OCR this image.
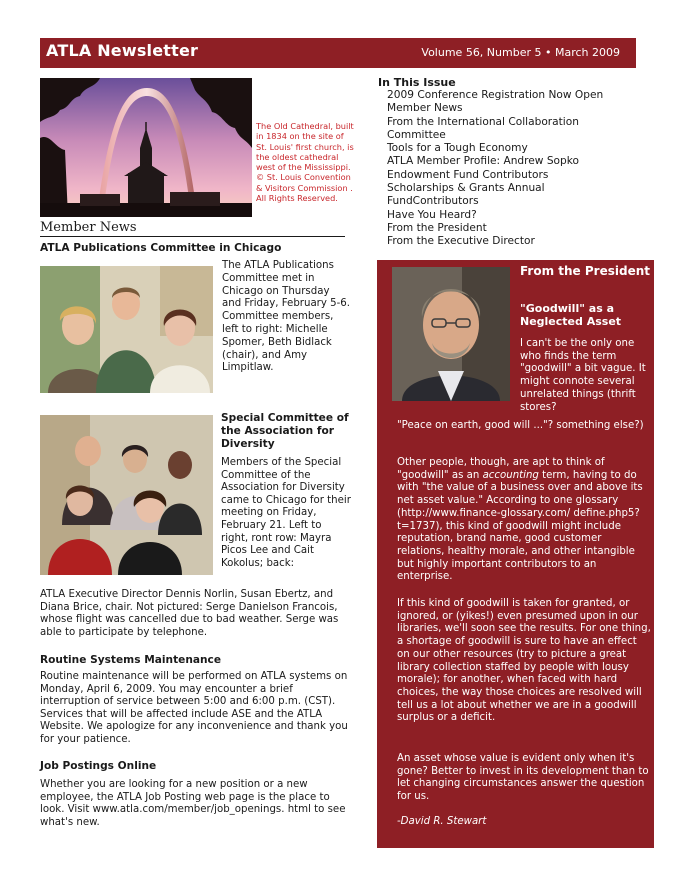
ATLA Newsletter	Volume 56, Number 5 • March 2009
The Old Cathedral, built in 1834 on the site of St. Louis' first church, is the oldest cathedral west of the Mississippi. © St. Louis Convention & Visitors Commission . All Rights Reserved.
In This Issue
2009 Conference Registration Now Open
Member News
From the International Collaboration
Committee
Tools for a Tough Economy
ATLA Member Profile: Andrew Sopko
Endowment Fund Contributors
Scholarships & Grants Annual
FundContributors
Have You Heard?
From the President
From the Executive Director
Member News
ATLA Publications Committee in Chicago
The ATLA Publications Committee met in Chicago on Thursday and Friday, February 5-6. Committee members, left to right: Michelle Spomer, Beth Bidlack (chair), and Amy Limpitlaw.
Special Committee of the Association for Diversity
Members of the Special Committee of the Association for Diversity came to Chicago for their meeting on Friday, February 21. Left to right, ront row: Mayra Picos Lee and Cait Kokolus; back:
ATLA Executive Director Dennis Norlin, Susan Ebertz, and Diana Brice, chair. Not pictured: Serge Danielson Francois, whose flight was cancelled due to bad weather. Serge was able to participate by telephone.
Routine Systems Maintenance
Routine maintenance will be performed on ATLA systems on Monday, April 6, 2009. You may encounter a brief interruption of service between 5:00 and 6:00 p.m. (CST). Services that will be affected include ASE and the ATLA Website. We apologize for any inconvenience and thank you for your patience.
Job Postings Online
Whether you are looking for a new position or a new employee, the ATLA Job Posting web page is the place to look. Visit www.atla.com/member/job_openings. html to see what's new.
From the President
"Goodwill" as a Neglected Asset

I can't be the only one who finds the term "goodwill" a bit vague. It might connote several unrelated things (thrift stores?

"Peace on earth, good will ..."? something else?)

Other people, though, are apt to think of "goodwill" as an accounting term, having to do with "the value of a business over and above its net asset value." According to one glossary (http://www.finance-glossary.com/ define.php5?t=1737), this kind of goodwill might include reputation, brand name, good customer relations, healthy morale, and other intangible but highly important contributors to an enterprise.

If this kind of goodwill is taken for granted, or ignored, or (yikes!) even presumed upon in our libraries, we'll soon see the results. For one thing, a shortage of goodwill is sure to have an effect on our other resources (try to picture a great library collection staffed by people with lousy morale); for another, when faced with hard choices, the way those choices are resolved will tell us a lot about whether we are in a goodwill surplus or a deficit.

An asset whose value is evident only when it's gone? Better to invest in its development than to let changing circumstances answer the question for us.

-David R. Stewart
